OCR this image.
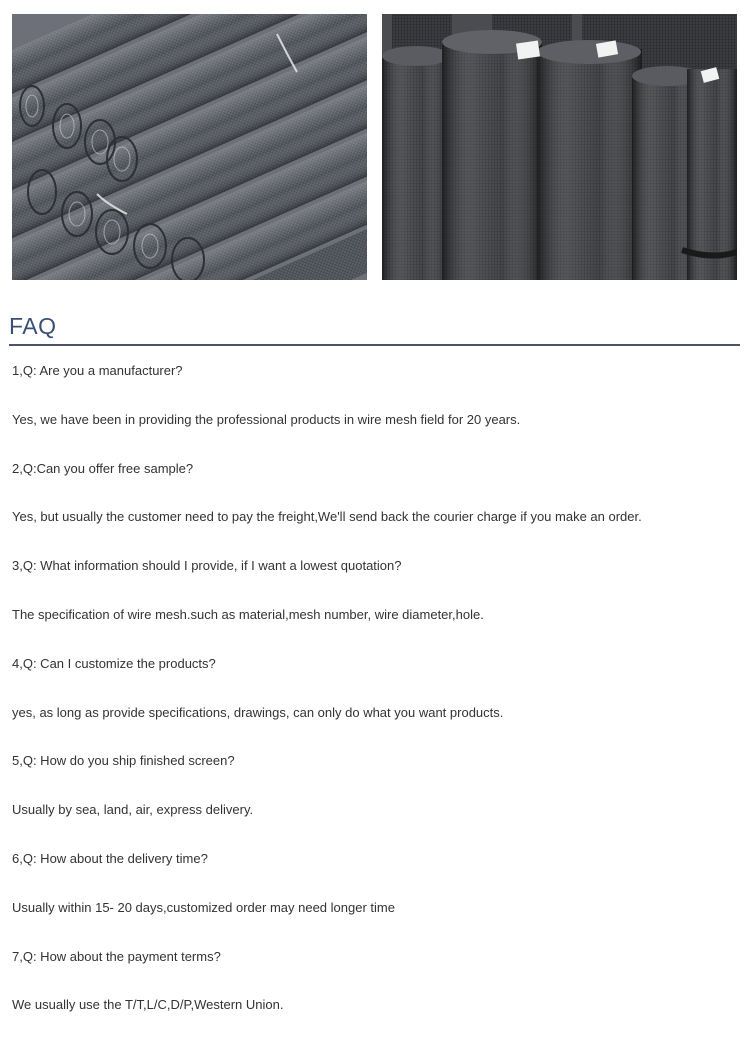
FAQ
1,Q: Are you a manufacturer?
Yes, we have been in providing the professional products in wire mesh field for 20 years.
2,Q:Can you offer free sample?
Yes, but usually the customer need to pay the freight,We'll send back the courier charge if you make an order.
3,Q: What information should I provide, if I want a lowest quotation?
The specification of wire mesh.such as material,mesh number, wire diameter,hole.
4,Q: Can I customize the products?
yes, as long as provide specifications, drawings, can only do what you want products.
5,Q: How do you ship finished screen?
Usually by sea, land, air, express delivery.
6,Q: How about the delivery time?
Usually within 15- 20 days,customized order may need longer time
7,Q: How about the payment terms?
We usually use the T/T,L/C,D/P,Western Union.
